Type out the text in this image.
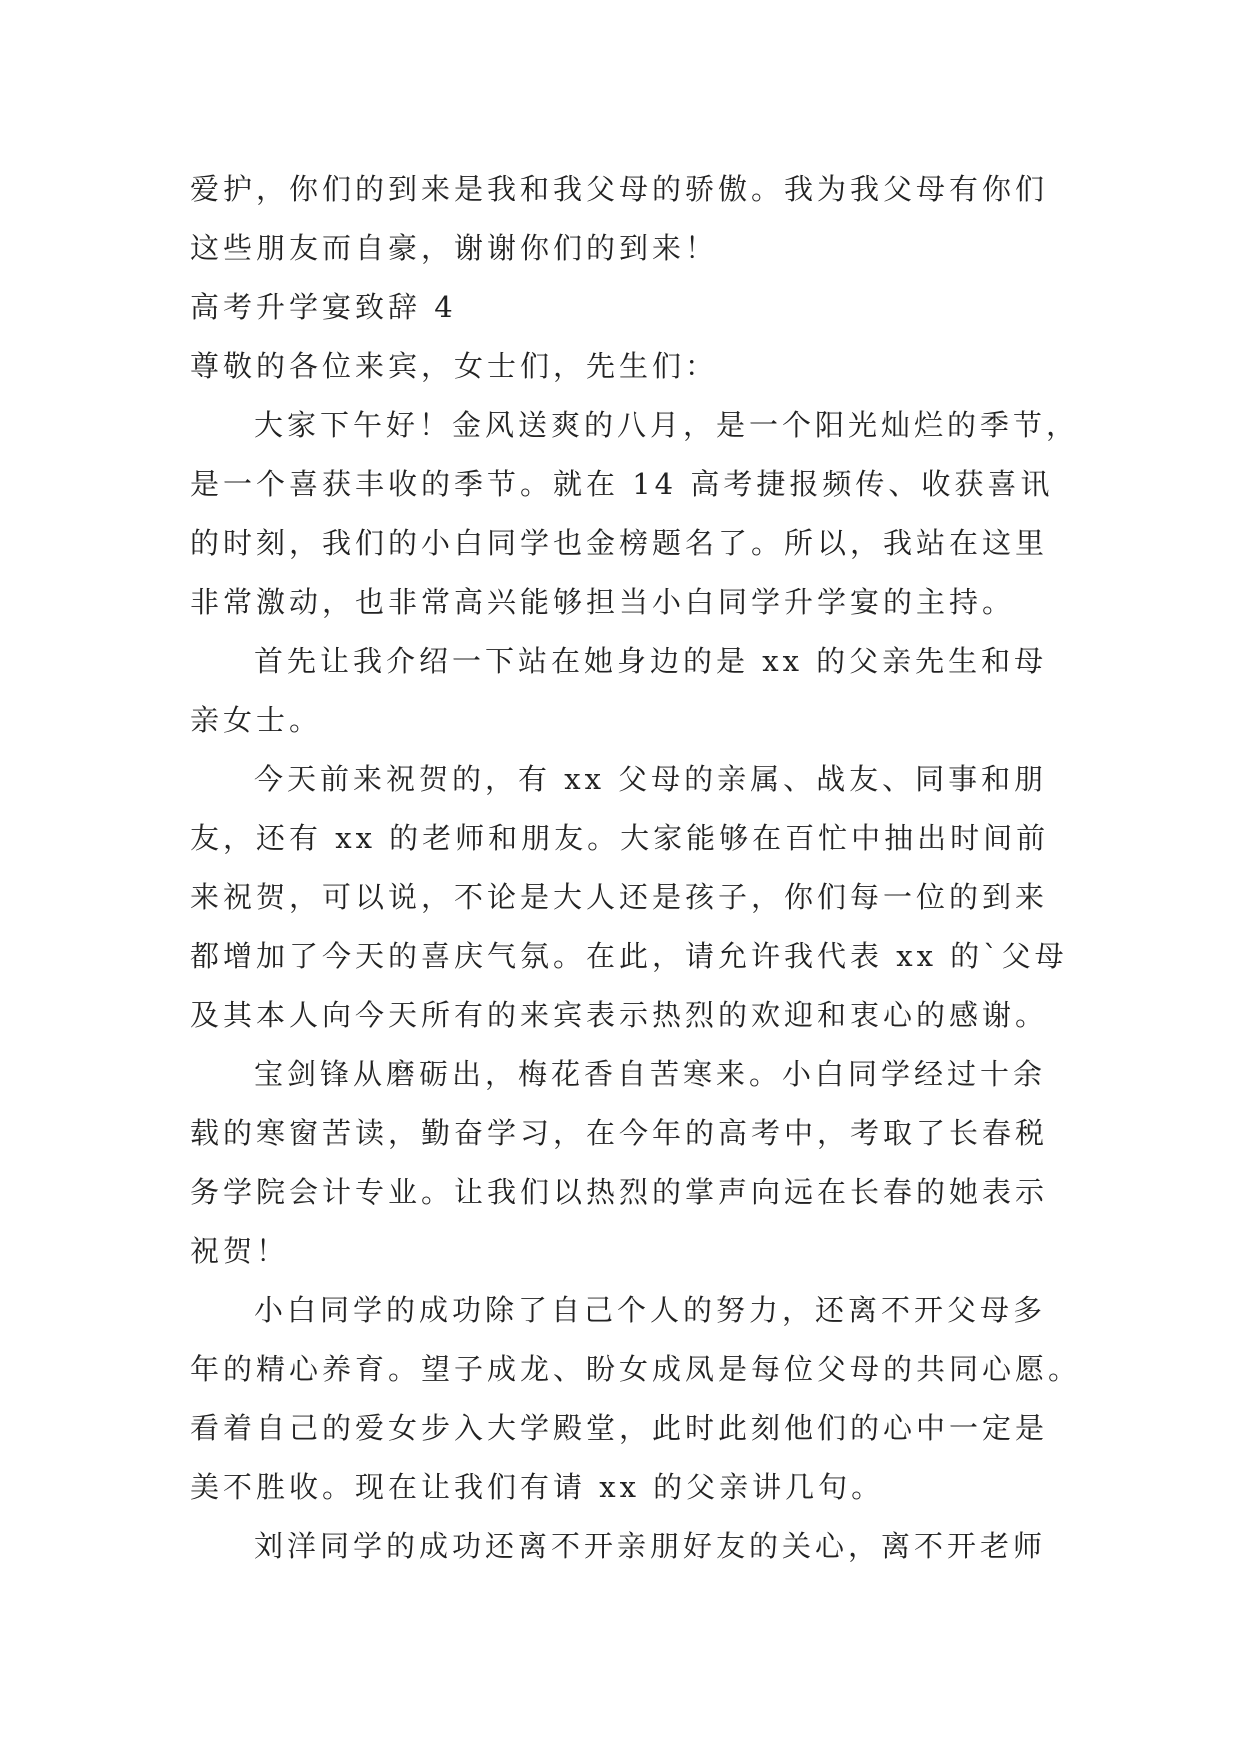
爱护，你们的到来是我和我父母的骄傲。我为我父母有你们
这些朋友而自豪，谢谢你们的到来！
高考升学宴致辞 4
尊敬的各位来宾，女士们，先生们：
大家下午好！金风送爽的八月，是一个阳光灿烂的季节，
是一个喜获丰收的季节。就在 14 高考捷报频传、收获喜讯
的时刻，我们的小白同学也金榜题名了。所以，我站在这里
非常激动，也非常高兴能够担当小白同学升学宴的主持。
首先让我介绍一下站在她身边的是 xx 的父亲先生和母
亲女士。
今天前来祝贺的，有 xx 父母的亲属、战友、同事和朋
友，还有 xx 的老师和朋友。大家能够在百忙中抽出时间前
来祝贺，可以说，不论是大人还是孩子，你们每一位的到来
都增加了今天的喜庆气氛。在此，请允许我代表 xx 的`父母
及其本人向今天所有的来宾表示热烈的欢迎和衷心的感谢。
宝剑锋从磨砺出，梅花香自苦寒来。小白同学经过十余
载的寒窗苦读，勤奋学习，在今年的高考中，考取了长春税
务学院会计专业。让我们以热烈的掌声向远在长春的她表示
祝贺！
小白同学的成功除了自己个人的努力，还离不开父母多
年的精心养育。望子成龙、盼女成凤是每位父母的共同心愿。
看着自己的爱女步入大学殿堂，此时此刻他们的心中一定是
美不胜收。现在让我们有请 xx 的父亲讲几句。
刘洋同学的成功还离不开亲朋好友的关心，离不开老师
